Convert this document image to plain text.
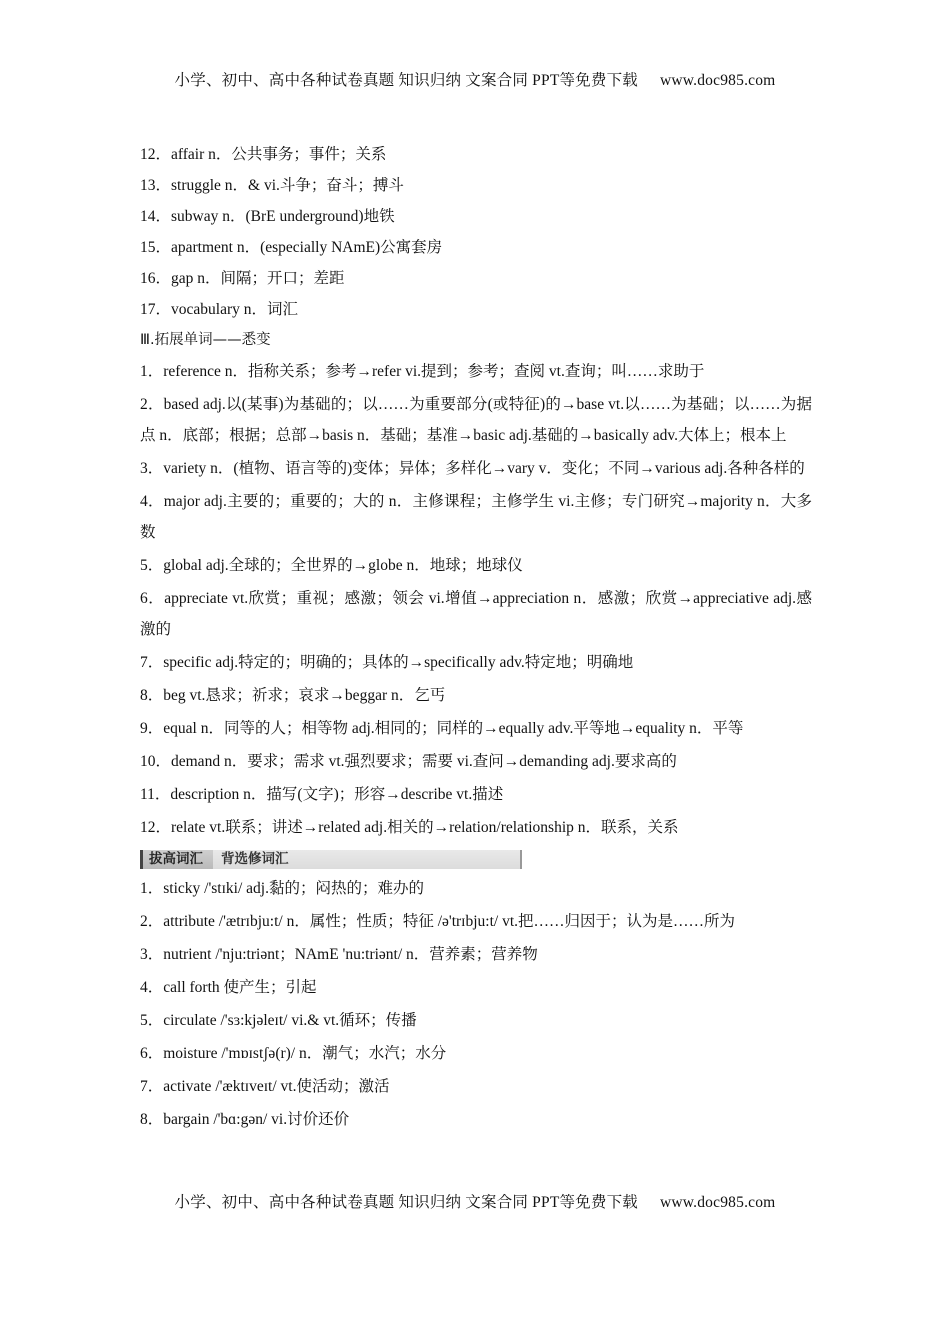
小学、初中、高中各种试卷真题 知识归纳 文案合同 PPT等免费下载 www.doc985.com
12．affair n．公共事务；事件；关系
13．struggle n．& vi.斗争；奋斗；搏斗
14．subway n．(BrE underground)地铁
15．apartment n．(especially NAmE)公寓套房
16．gap n．间隔；开口；差距
17．vocabulary n．词汇
Ⅲ.拓展单词——悉变
1．reference n．指称关系；参考→refer vi.提到；参考；查阅 vt.查询；叫……求助于
2．based adj.以(某事)为基础的；以……为重要部分(或特征)的→base vt.以……为基础；以……为据点 n．底部；根据；总部→basis n．基础；基准→basic adj.基础的→basically adv.大体上；根本上
3．variety n．(植物、语言等的)变体；异体；多样化→vary v．变化；不同→various adj.各种各样的
4．major adj.主要的；重要的；大的 n．主修课程；主修学生 vi.主修；专门研究→majority n．大多数
5．global adj.全球的；全世界的→globe n．地球；地球仪
6．appreciate vt.欣赏；重视；感激；领会 vi.增值→appreciation n．感激；欣赏→appreciative adj.感激的
7．specific adj.特定的；明确的；具体的→specifically adv.特定地；明确地
8．beg vt.恳求；祈求；哀求→beggar n．乞丐
9．equal n．同等的人；相等物 adj.相同的；同样的→equally adv.平等地→equality n．平等
10．demand n．要求；需求 vt.强烈要求；需要 vi.查问→demanding adj.要求高的
11．description n．描写(文字)；形容→describe vt.描述
12．relate vt.联系；讲述→related adj.相关的→relation/relationship n．联系，关系
拔高词汇 背选修词汇
1．sticky /'stɪki/ adj.黏的；闷热的；难办的
2．attribute /'ætrɪbju:t/ n．属性；性质；特征 /ə'trɪbju:t/ vt.把……归因于；认为是……所为
3．nutrient /'nju:triənt；NAmE 'nu:triənt/ n．营养素；营养物
4．call forth 使产生；引起
5．circulate /'sɜ:kjəleɪt/ vi.& vt.循环；传播
6．moisture /'mɒɪstʃə(r)/ n．潮气；水汽；水分
7．activate /'æktɪveɪt/ vt.使活动；激活
8．bargain /'bɑ:gən/ vi.讨价还价
小学、初中、高中各种试卷真题 知识归纳 文案合同 PPT等免费下载 www.doc985.com
